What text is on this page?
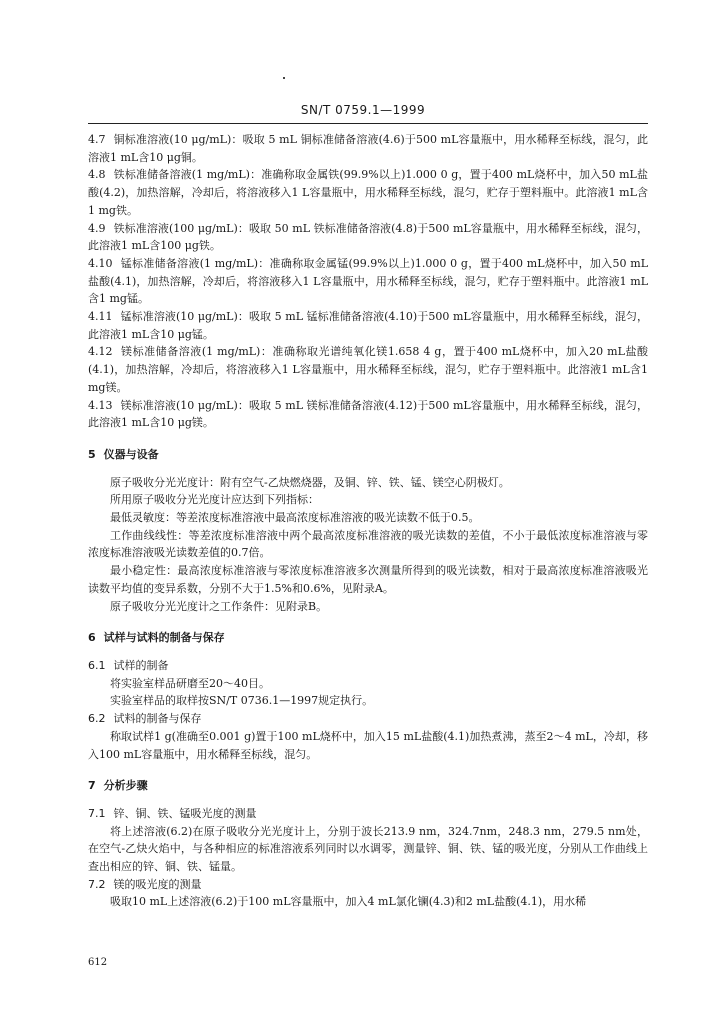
SN/T 0759.1—1999

4.7 铜标准溶液(10 μg/mL)：吸取 5 mL 铜标准储备溶液(4.6)于500 mL容量瓶中，用水稀释至标线，混匀，此溶液1 mL含10 μg铜。

4.8 铁标准储备溶液(1 mg/mL)：准确称取金属铁(99.9%以上)1.000 0 g，置于400 mL烧杯中，加入50 mL盐酸(4.2)，加热溶解，冷却后，将溶液移入1 L容量瓶中，用水稀释至标线，混匀，贮存于塑料瓶中。此溶液1 mL含1 mg铁。

4.9 铁标准溶液(100 μg/mL)：吸取 50 mL 铁标准储备溶液(4.8)于500 mL容量瓶中，用水稀释至标线，混匀，此溶液1 mL含100 μg铁。

4.10 锰标准储备溶液(1 mg/mL)：准确称取金属锰(99.9%以上)1.000 0 g，置于400 mL烧杯中，加入50 mL盐酸(4.1)，加热溶解，冷却后，将溶液移入1 L容量瓶中，用水稀释至标线，混匀，贮存于塑料瓶中。此溶液1 mL含1 mg锰。

4.11 锰标准溶液(10 μg/mL)：吸取 5 mL 锰标准储备溶液(4.10)于500 mL容量瓶中，用水稀释至标线，混匀，此溶液1 mL含10 μg锰。

4.12 镁标准储备溶液(1 mg/mL)：准确称取光谱纯氧化镁1.658 4 g，置于400 mL烧杯中，加入20 mL盐酸(4.1)，加热溶解，冷却后，将溶液移入1 L容量瓶中，用水稀释至标线，混匀，贮存于塑料瓶中。此溶液1 mL含1 mg镁。

4.13 镁标准溶液(10 μg/mL)：吸取 5 mL 镁标准储备溶液(4.12)于500 mL容量瓶中，用水稀释至标线，混匀，此溶液1 mL含10 μg镁。

5 仪器与设备

原子吸收分光光度计：附有空气-乙炔燃烧器，及铜、锌、铁、锰、镁空心阴极灯。

所用原子吸收分光光度计应达到下列指标：

最低灵敏度：等差浓度标准溶液中最高浓度标准溶液的吸光读数不低于0.5。

工作曲线线性：等差浓度标准溶液中两个最高浓度标准溶液的吸光读数的差值，不小于最低浓度标准溶液与零浓度标准溶液吸光读数差值的0.7倍。

最小稳定性：最高浓度标准溶液与零浓度标准溶液多次测量所得到的吸光读数，相对于最高浓度标准溶液吸光读数平均值的变异系数，分别不大于1.5%和0.6%，见附录A。

原子吸收分光光度计之工作条件：见附录B。

6 试样与试料的制备与保存

6.1 试样的制备

将实验室样品研磨至20～40目。

实验室样品的取样按SN/T 0736.1—1997规定执行。

6.2 试料的制备与保存

称取试样1 g(准确至0.001 g)置于100 mL烧杯中，加入15 mL盐酸(4.1)加热煮沸，蒸至2～4 mL，冷却，移入100 mL容量瓶中，用水稀释至标线，混匀。

7 分析步骤

7.1 锌、铜、铁、锰吸光度的测量

将上述溶液(6.2)在原子吸收分光光度计上，分别于波长213.9 nm，324.7nm，248.3 nm，279.5 nm处，在空气-乙炔火焰中，与各种相应的标准溶液系列同时以水调零，测量锌、铜、铁、锰的吸光度，分别从工作曲线上查出相应的锌、铜、铁、锰量。

7.2 镁的吸光度的测量

吸取10 mL上述溶液(6.2)于100 mL容量瓶中，加入4 mL氯化镧(4.3)和2 mL盐酸(4.1)，用水稀

612
